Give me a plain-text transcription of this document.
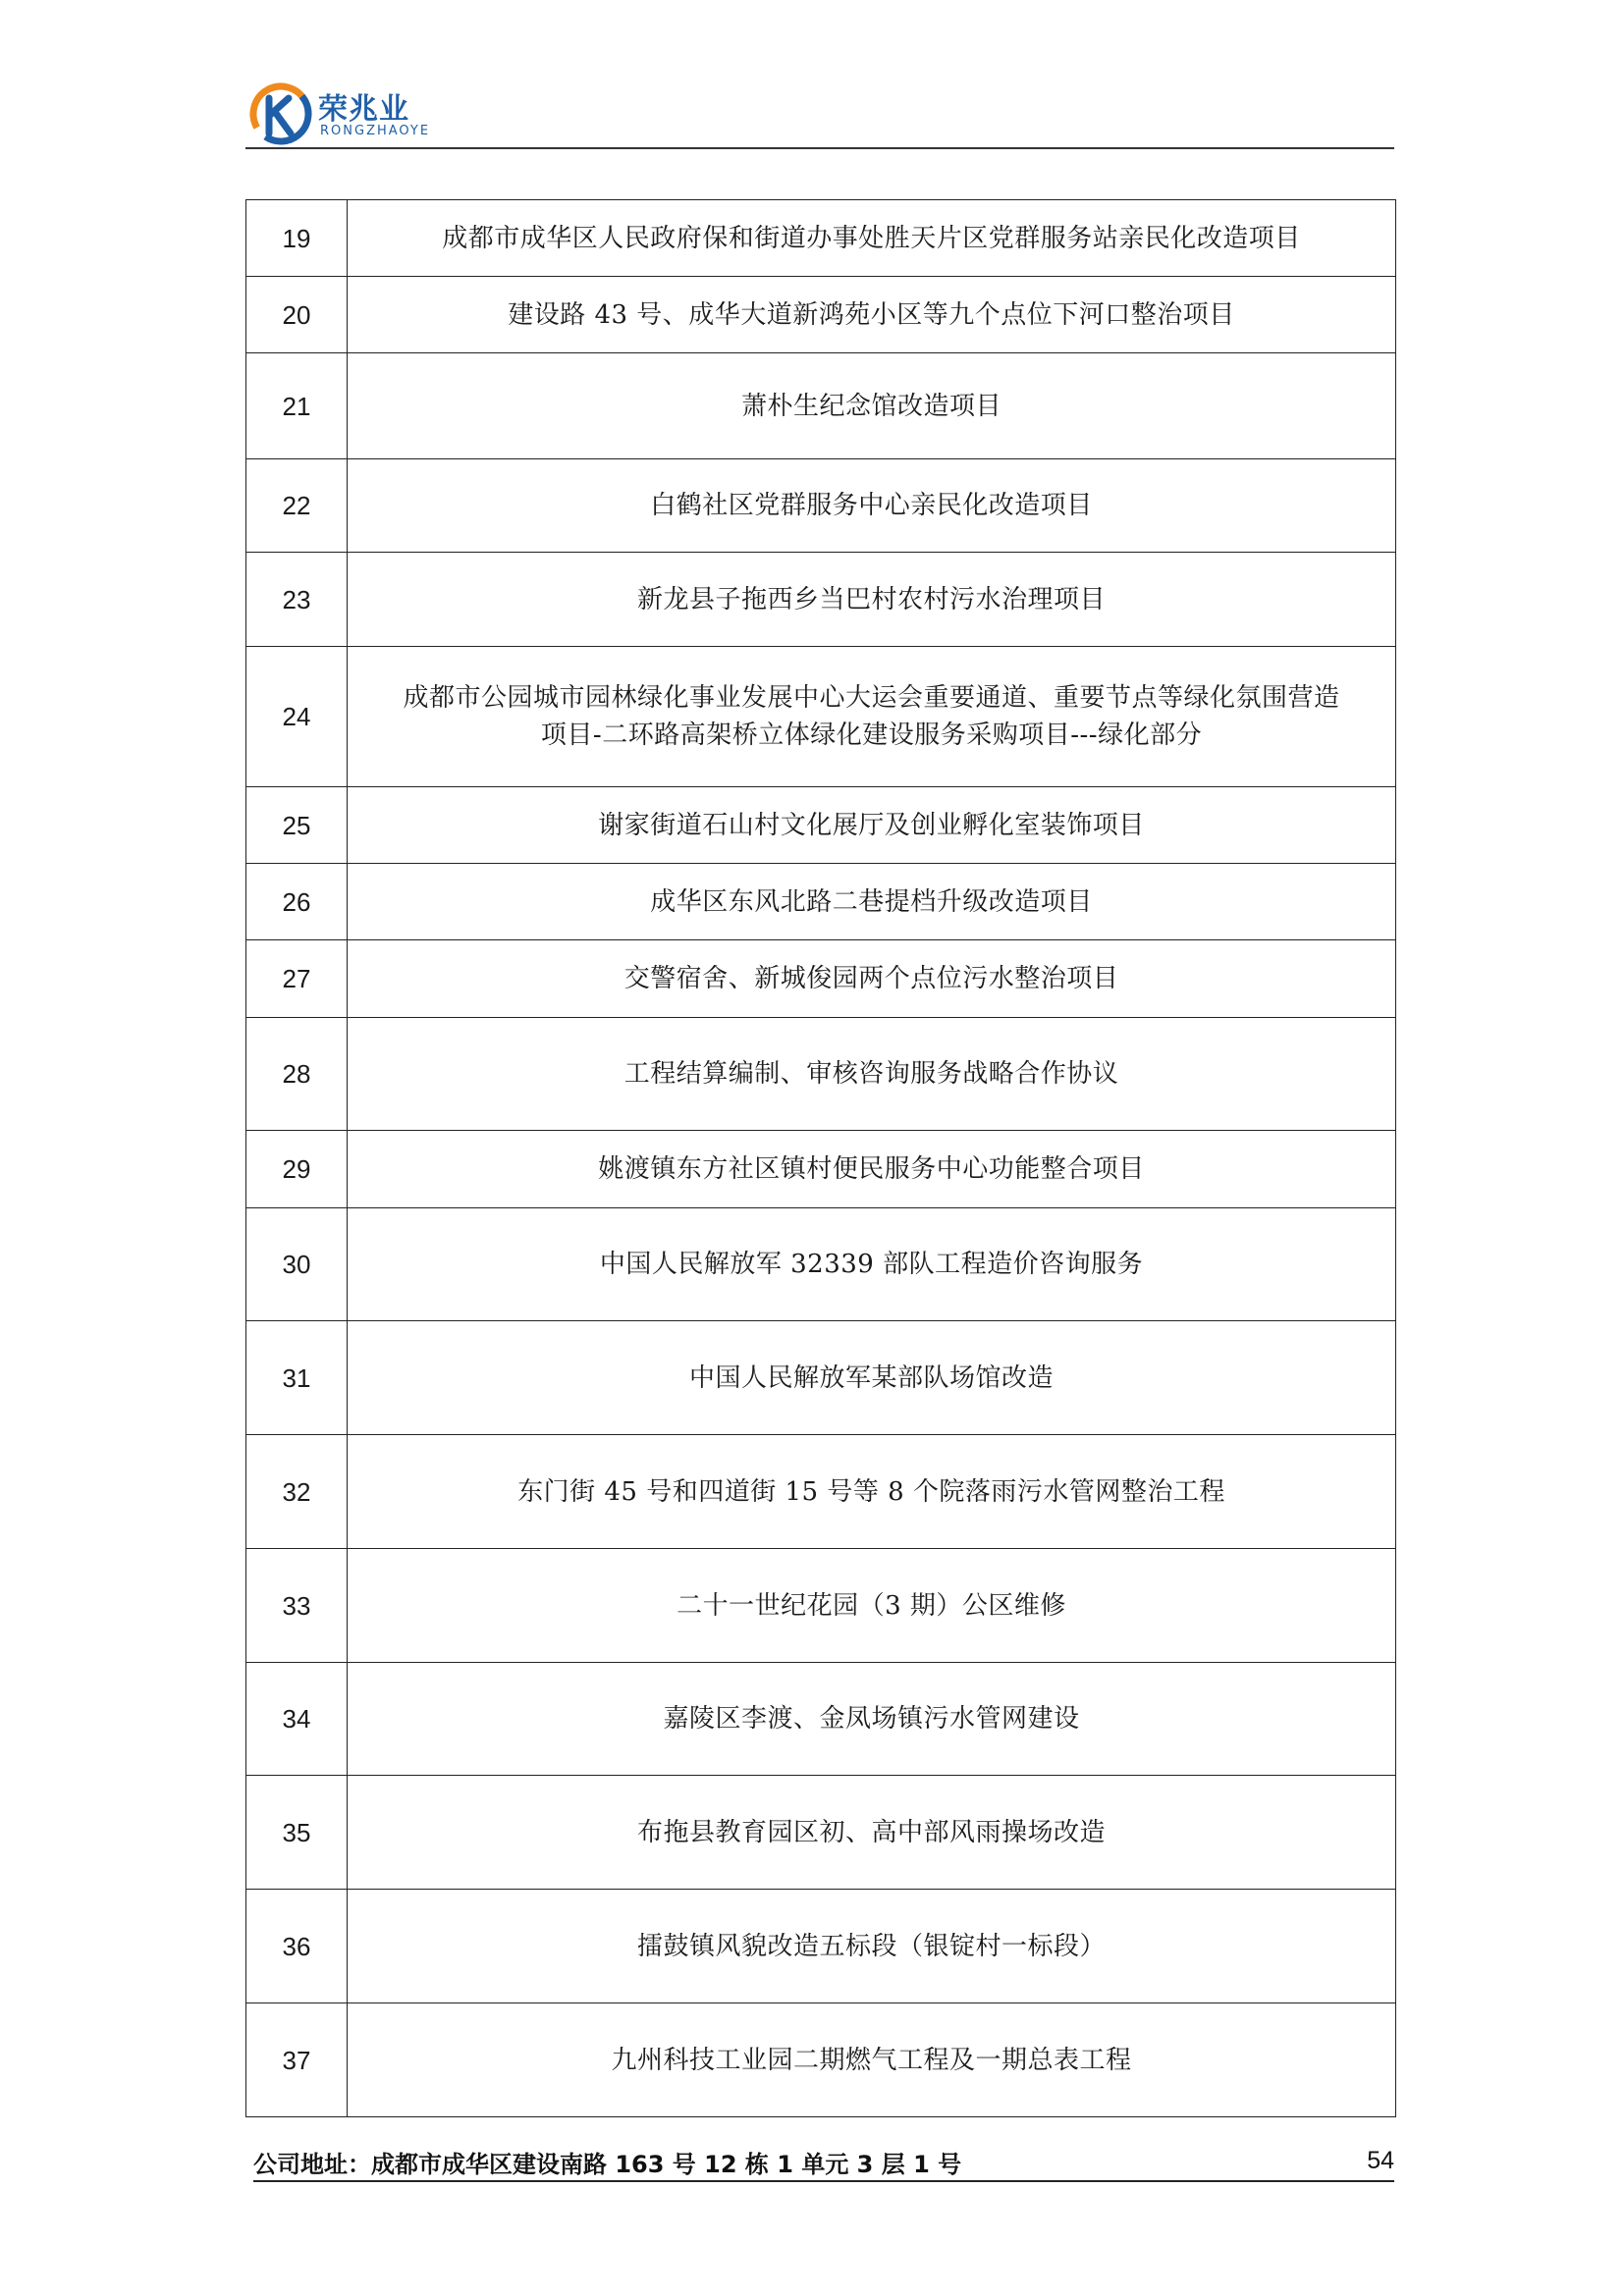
荣兆业
RONGZHAOYE
19	成都市成华区人民政府保和街道办事处胜天片区党群服务站亲民化改造项目
20	建设路 43 号、成华大道新鸿苑小区等九个点位下河口整治项目
21	萧朴生纪念馆改造项目
22	白鹤社区党群服务中心亲民化改造项目
23	新龙县子拖西乡当巴村农村污水治理项目
24	成都市公园城市园林绿化事业发展中心大运会重要通道、重要节点等绿化氛围营造
项目-二环路高架桥立体绿化建设服务采购项目---绿化部分

25	谢家街道石山村文化展厅及创业孵化室装饰项目
26	成华区东风北路二巷提档升级改造项目
27	交警宿舍、新城俊园两个点位污水整治项目
28	工程结算编制、审核咨询服务战略合作协议
29	姚渡镇东方社区镇村便民服务中心功能整合项目
30	中国人民解放军 32339 部队工程造价咨询服务
31	中国人民解放军某部队场馆改造
32	东门街 45 号和四道街 15 号等 8 个院落雨污水管网整治工程
33	二十一世纪花园（3 期）公区维修
34	嘉陵区李渡、金凤场镇污水管网建设
35	布拖县教育园区初、高中部风雨操场改造
36	擂鼓镇风貌改造五标段（银锭村一标段）
37	九州科技工业园二期燃气工程及一期总表工程
公司地址：成都市成华区建设南路 163 号 12 栋 1 单元 3 层 1 号	54
